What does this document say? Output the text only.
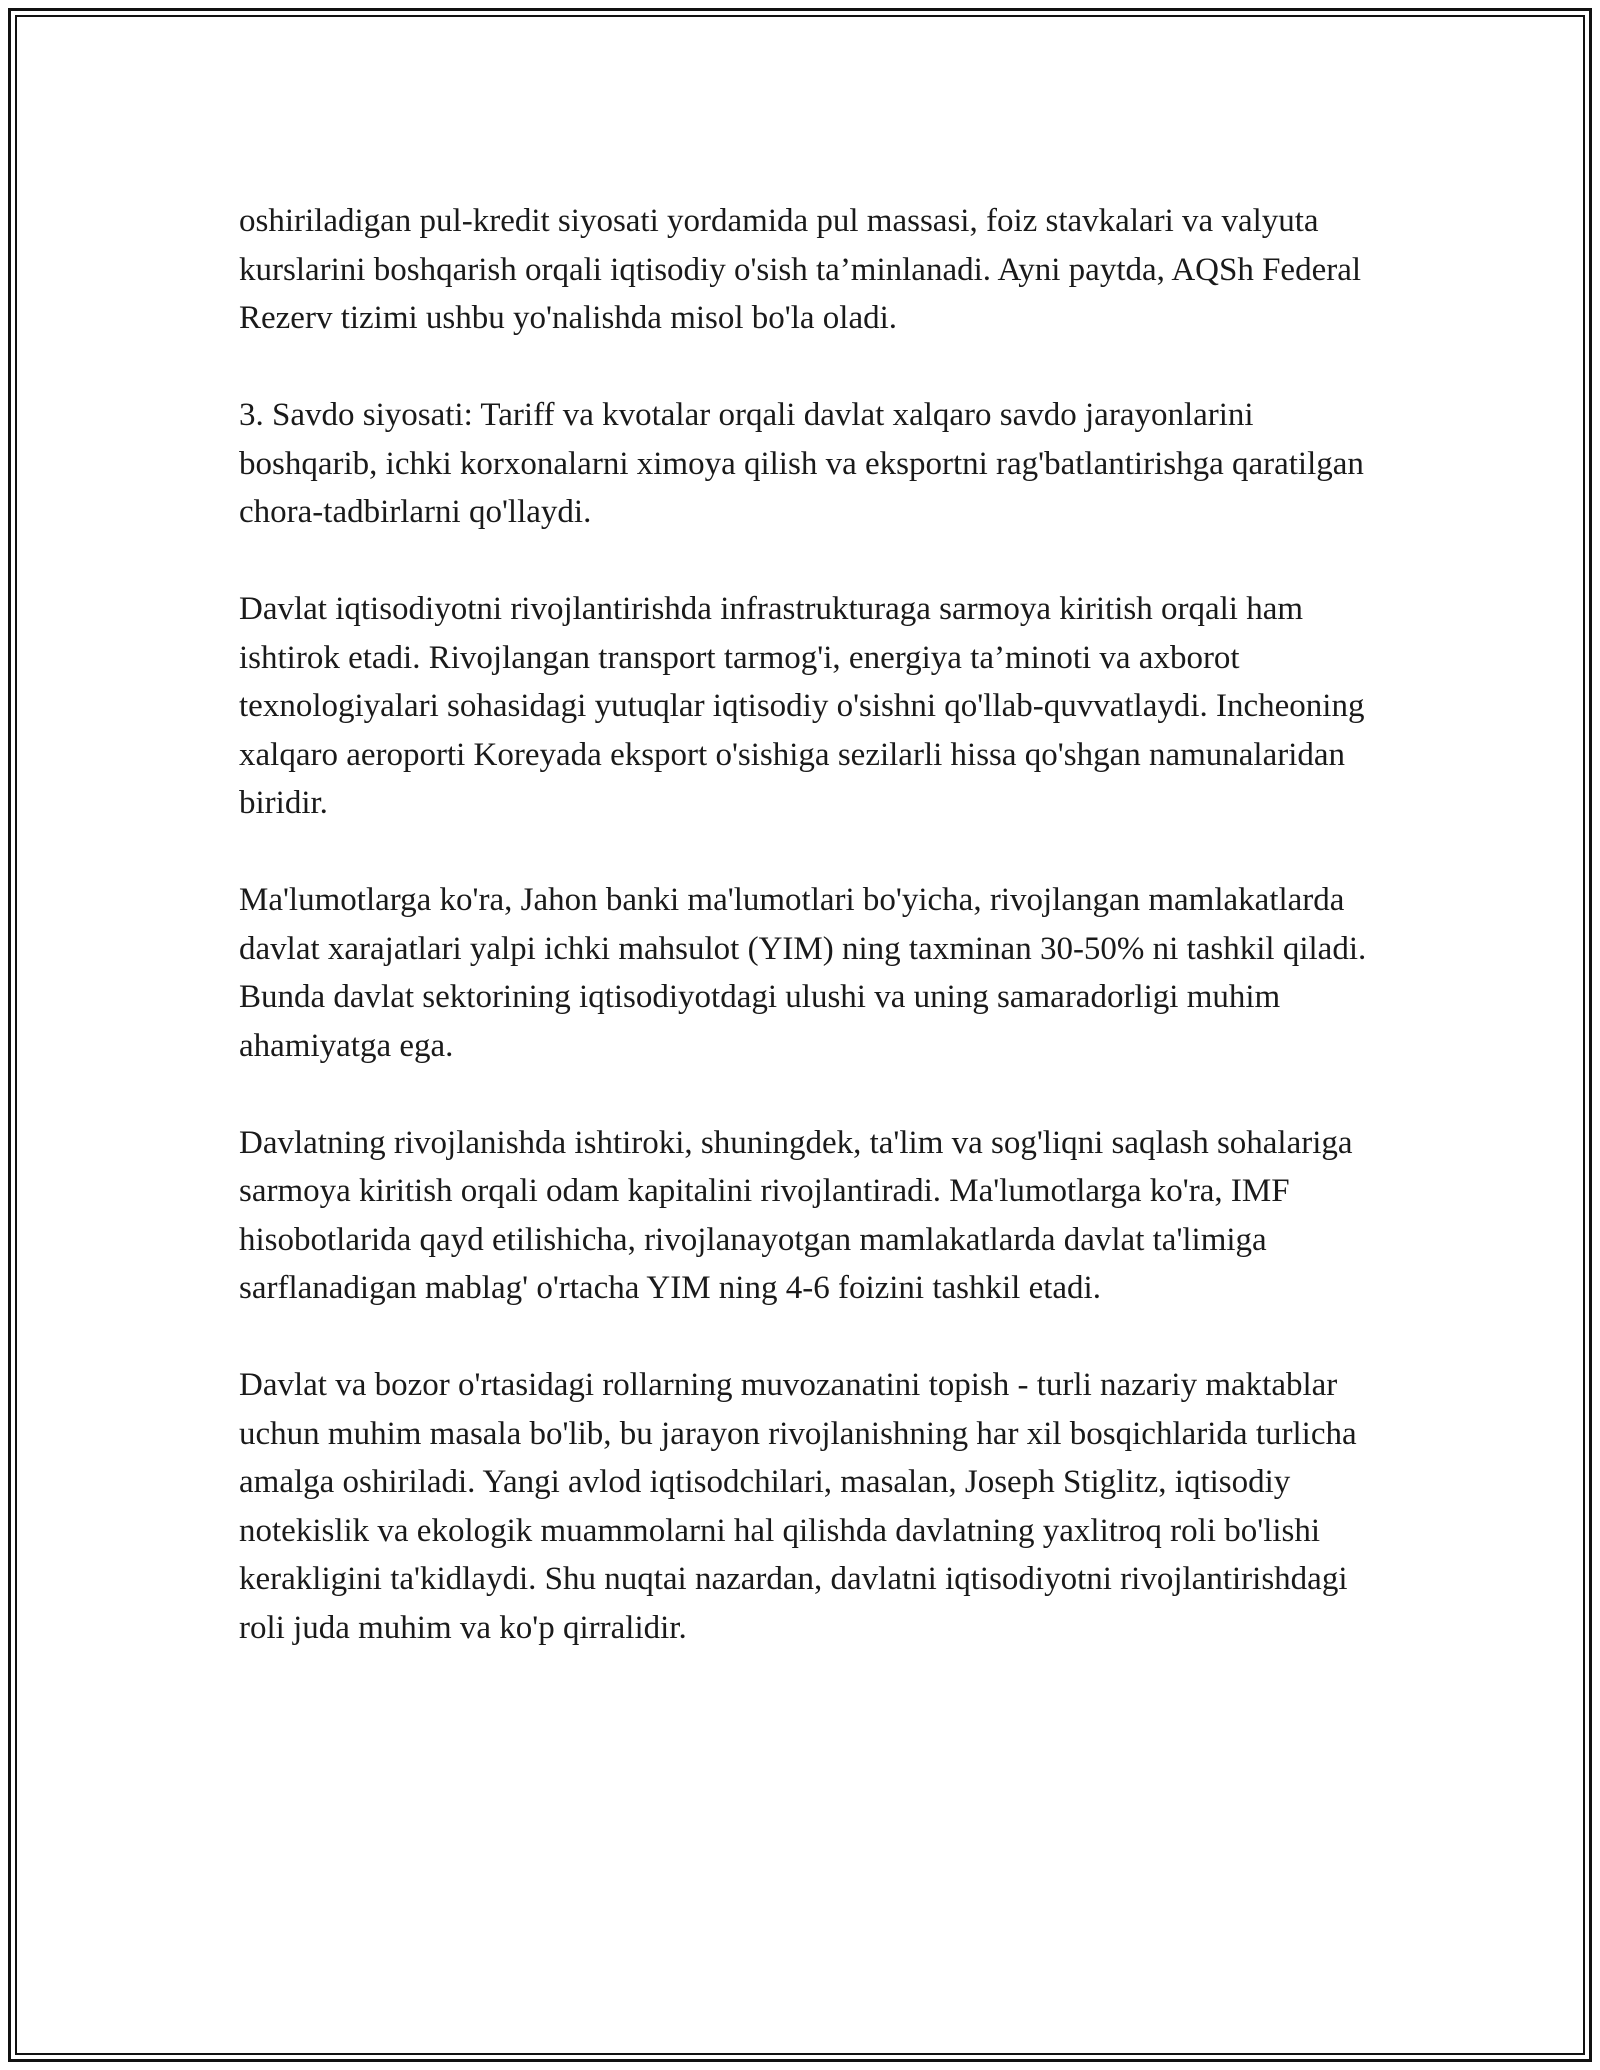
oshiriladigan pul-kredit siyosati yordamida pul massasi, foiz stavkalari va valyuta kurslarini boshqarish orqali iqtisodiy o'sish ta’minlanadi. Ayni paytda, AQSh Federal Rezerv tizimi ushbu yo'nalishda misol bo'la oladi.

3. Savdo siyosati: Tariff va kvotalar orqali davlat xalqaro savdo jarayonlarini boshqarib, ichki korxonalarni ximoya qilish va eksportni rag'batlantirishga qaratilgan chora-tadbirlarni qo'llaydi.

Davlat iqtisodiyotni rivojlantirishda infrastrukturaga sarmoya kiritish orqali ham ishtirok etadi. Rivojlangan transport tarmog'i, energiya ta’minoti va axborot texnologiyalari sohasidagi yutuqlar iqtisodiy o'sishni qo'llab-quvvatlaydi. Incheoning xalqaro aeroporti Koreyada eksport o'sishiga sezilarli hissa qo'shgan namunalaridan biridir.

Ma'lumotlarga ko'ra, Jahon banki ma'lumotlari bo'yicha, rivojlangan mamlakatlarda davlat xarajatlari yalpi ichki mahsulot (YIM) ning taxminan 30-50% ni tashkil qiladi. Bunda davlat sektorining iqtisodiyotdagi ulushi va uning samaradorligi muhim ahamiyatga ega.

Davlatning rivojlanishda ishtiroki, shuningdek, ta'lim va sog'liqni saqlash sohalariga sarmoya kiritish orqali odam kapitalini rivojlantiradi. Ma'lumotlarga ko'ra, IMF hisobotlarida qayd etilishicha, rivojlanayotgan mamlakatlarda davlat ta'limiga sarflanadigan mablag' o'rtacha YIM ning 4-6 foizini tashkil etadi.

Davlat va bozor o'rtasidagi rollarning muvozanatini topish - turli nazariy maktablar uchun muhim masala bo'lib, bu jarayon rivojlanishning har xil bosqichlarida turlicha amalga oshiriladi. Yangi avlod iqtisodchilari, masalan, Joseph Stiglitz, iqtisodiy notekislik va ekologik muammolarni hal qilishda davlatning yaxlitroq roli bo'lishi kerakligini ta'kidlaydi. Shu nuqtai nazardan, davlatni iqtisodiyotni rivojlantirishdagi roli juda muhim va ko'p qirralidir.
